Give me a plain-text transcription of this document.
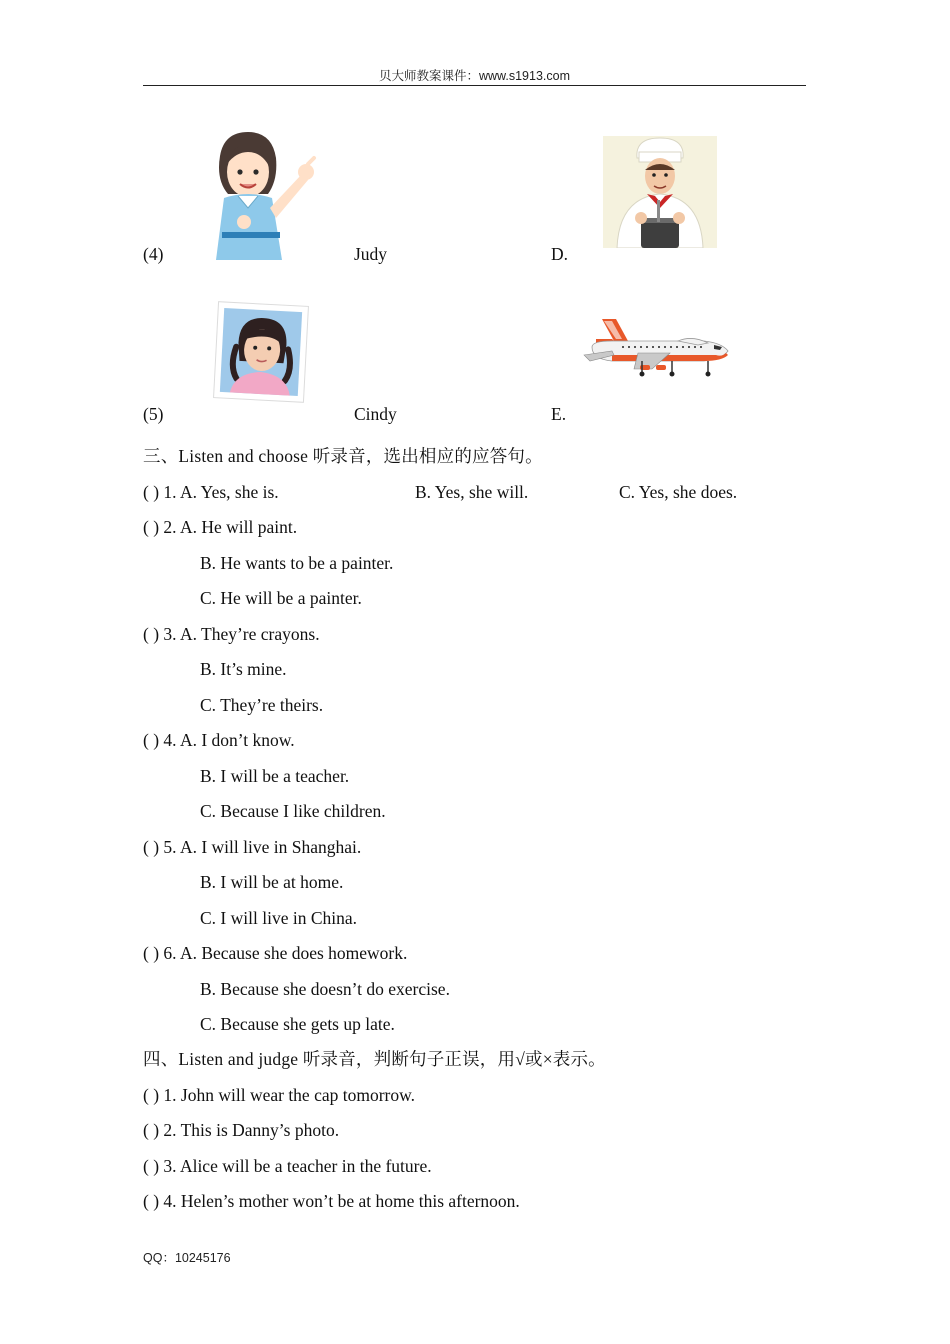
贝大师教案课件：www.s1913.com
(4)	Judy	D.
(5)	Cindy	E.
三、Listen and choose 听录音，选出相应的应答句。
( ) 1. A. Yes, she is.	B. Yes, she will.	C. Yes, she does.
( ) 2. A. He will paint.
B. He wants to be a painter.
C. He will be a painter.
( ) 3. A. They’re crayons.
B. It’s mine.
C. They’re theirs.
( ) 4. A. I don’t know.
B. I will be a teacher.
C. Because I like children.
( ) 5. A. I will live in Shanghai.
B. I will be at home.
C. I will live in China.
( ) 6. A. Because she does homework.
B. Because she doesn’t do exercise.
C. Because she gets up late.
四、Listen and judge 听录音，判断句子正误，用√或×表示。
( ) 1. John will wear the cap tomorrow.
( ) 2. This is Danny’s photo.
( ) 3. Alice will be a teacher in the future.
( ) 4. Helen’s mother won’t be at home this afternoon.
QQ：10245176
